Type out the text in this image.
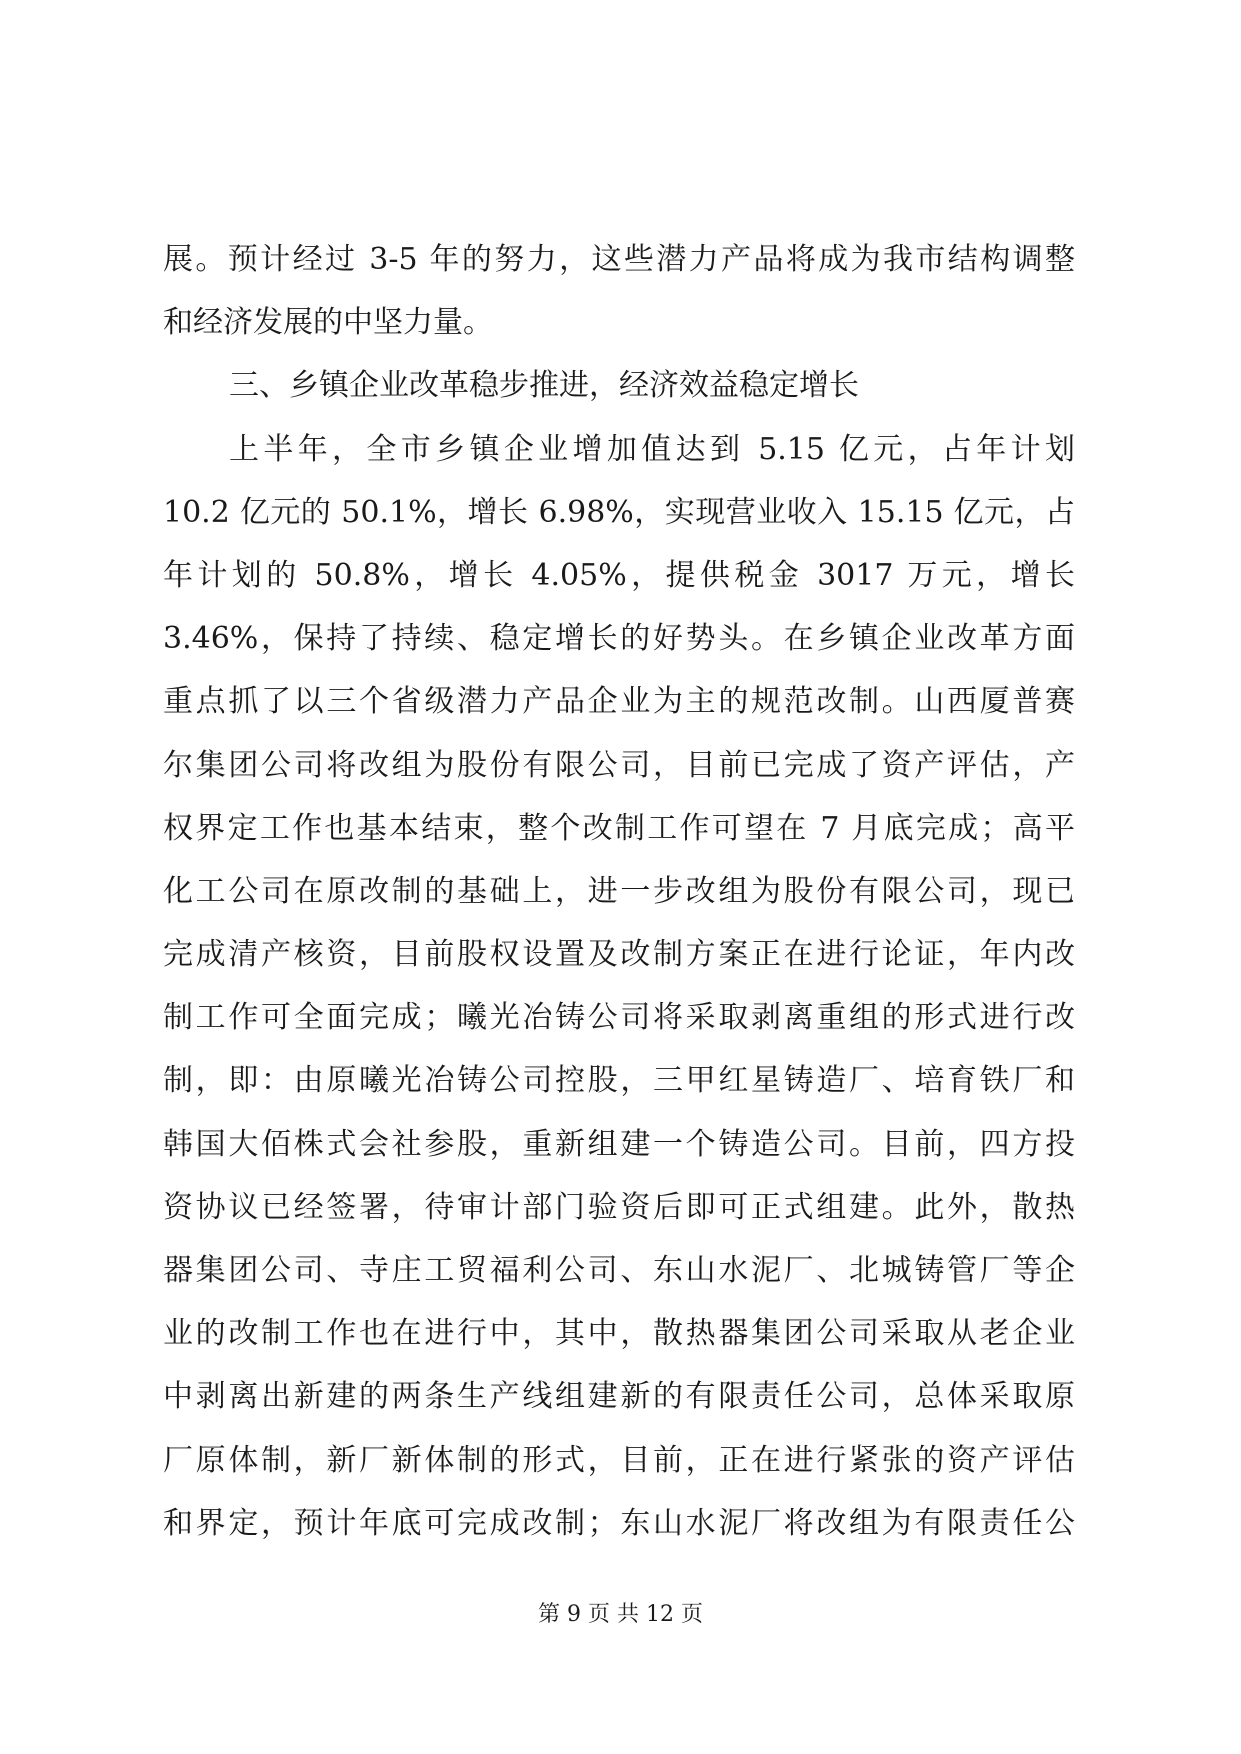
展。预计经过 3-5 年的努力，这些潜力产品将成为我市结构调整
和经济发展的中坚力量。
三、乡镇企业改革稳步推进，经济效益稳定增长
上半年，全市乡镇企业增加值达到 5.15 亿元，占年计划
10.2 亿元的 50.1%，增长 6.98%，实现营业收入 15.15 亿元，占
年计划的 50.8%，增长 4.05%，提供税金 3017 万元，增长
3.46%，保持了持续、稳定增长的好势头。在乡镇企业改革方面
重点抓了以三个省级潜力产品企业为主的规范改制。山西厦普赛
尔集团公司将改组为股份有限公司，目前已完成了资产评估，产
权界定工作也基本结束，整个改制工作可望在 7 月底完成；高平
化工公司在原改制的基础上，进一步改组为股份有限公司，现已
完成清产核资，目前股权设置及改制方案正在进行论证，年内改
制工作可全面完成；曦光冶铸公司将采取剥离重组的形式进行改
制，即：由原曦光冶铸公司控股，三甲红星铸造厂、培育铁厂和
韩国大佰株式会社参股，重新组建一个铸造公司。目前，四方投
资协议已经签署，待审计部门验资后即可正式组建。此外，散热
器集团公司、寺庄工贸福利公司、东山水泥厂、北城铸管厂等企
业的改制工作也在进行中，其中，散热器集团公司采取从老企业
中剥离出新建的两条生产线组建新的有限责任公司，总体采取原
厂原体制，新厂新体制的形式，目前，正在进行紧张的资产评估
和界定，预计年底可完成改制；东山水泥厂将改组为有限责任公
第 9 页 共 12 页
